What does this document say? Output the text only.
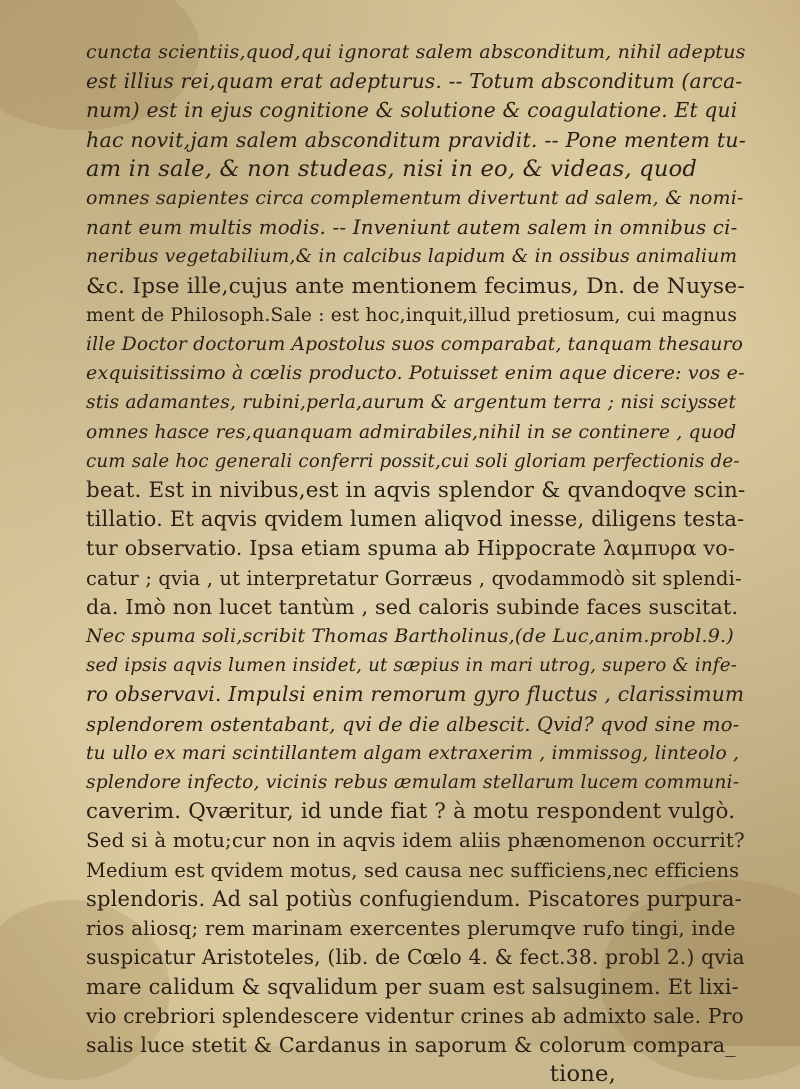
cuncta scientiis,quod,qui ignorat salem absconditum, nihil adeptus
est illius rei,quam erat adepturus. -- Totum absconditum (arca-
num) est in ejus cognitione & solutione & coagulatione. Et qui
hac novit,jam salem absconditum pravidit. -- Pone mentem tu-
am in sale, & non studeas, nisi in eo, & videas, quod
omnes sapientes circa complementum divertunt ad salem, & nomi-
nant eum multis modis. -- Inveniunt autem salem in omnibus ci-
neribus vegetabilium,& in calcibus lapidum & in ossibus animalium
&c. Ipse ille,cujus ante mentionem fecimus, Dn. de Nuyse-
ment de Philosoph.Sale : est hoc,inquit,illud pretiosum, cui magnus
ille Doctor doctorum Apostolus suos comparabat, tanquam thesauro
exquisitissimo à cœlis producto. Potuisset enim aque dicere: vos e-
stis adamantes, rubini,perla,aurum & argentum terra ; nisi sciysset
omnes hasce res,quanquam admirabiles,nihil in se continere , quod
cum sale hoc generali conferri possit,cui soli gloriam perfectionis de-
beat. Est in nivibus,est in aqvis splendor & qvandoqve scin-
tillatio. Et aqvis qvidem lumen aliqvod inesse, diligens testa-
tur observatio. Ipsa etiam spuma ab Hippocrate λαμπυρα vo-
catur ; qvia , ut interpretatur Gorræus , qvodammodò sit splendi-
da. Imò non lucet tantùm , sed caloris subinde faces suscitat.
Nec spuma soli,scribit Thomas Bartholinus,(de Luc,anim.probl.9.)
sed ipsis aqvis lumen insidet, ut sæpius in mari utrog, supero & infe-
ro observavi. Impulsi enim remorum gyro fluctus , clarissimum
splendorem ostentabant, qvi de die albescit. Qvid? qvod sine mo-
tu ullo ex mari scintillantem algam extraxerim , immissog, linteolo ,
splendore infecto, vicinis rebus æmulam stellarum lucem communi-
caverim. Qværitur, id unde fiat ? à motu respondent vulgò.
Sed si à motu;cur non in aqvis idem aliis phænomenon occurrit?
Medium est qvidem motus, sed causa nec sufficiens,nec efficiens
splendoris. Ad sal potiùs confugiendum. Piscatores purpura-
rios aliosq; rem marinam exercentes plerumqve rufo tingi, inde
suspicatur Aristoteles, (lib. de Cœlo 4. & fect.38. probl 2.) qvia
mare calidum & sqvalidum per suam est salsuginem. Et lixi-
vio crebriori splendescere videntur crines ab admixto sale. Pro
salis luce stetit & Cardanus in saporum & colorum compara_
tione,
